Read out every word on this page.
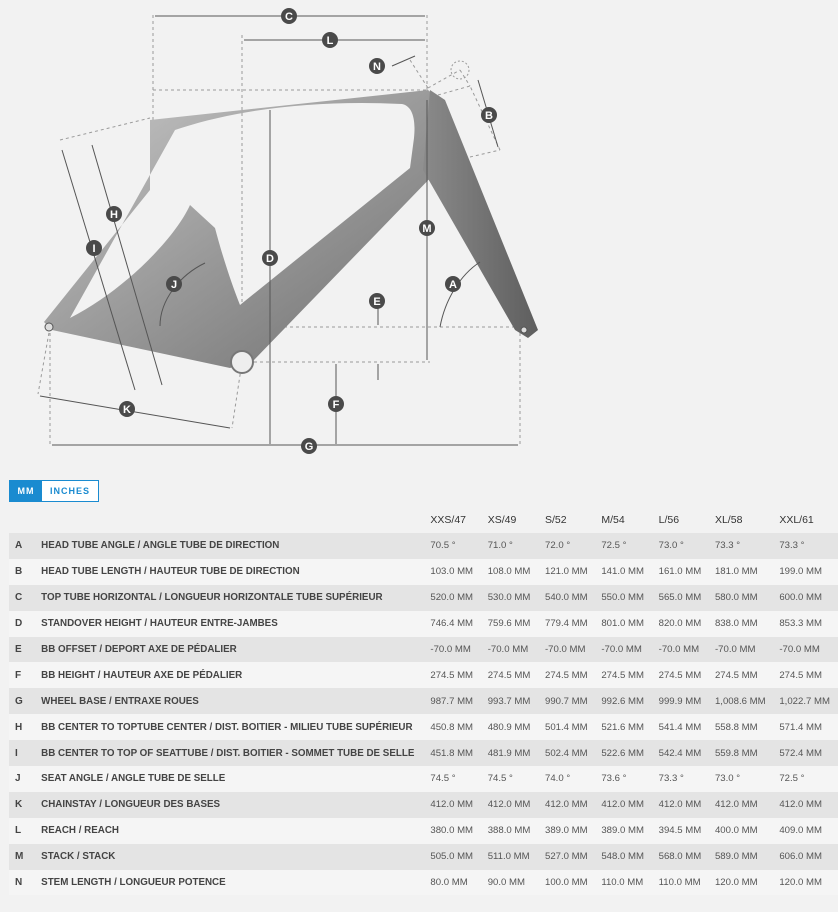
C
L
N
B
H
M
I
D
J	A
E
F
K
G
MM	INCHES
		XXS/47	XS/49	S/52	M/54	L/56	XL/58	XXL/61
A	HEAD TUBE ANGLE / ANGLE TUBE DE DIRECTION	70.5 °	71.0 °	72.0 °	72.5 °	73.0 °	73.3 °	73.3 °
B	HEAD TUBE LENGTH / HAUTEUR TUBE DE DIRECTION	103.0 MM	108.0 MM	121.0 MM	141.0 MM	161.0 MM	181.0 MM	199.0 MM
C	TOP TUBE HORIZONTAL / LONGUEUR HORIZONTALE TUBE SUPÉRIEUR	520.0 MM	530.0 MM	540.0 MM	550.0 MM	565.0 MM	580.0 MM	600.0 MM
D	STANDOVER HEIGHT / HAUTEUR ENTRE-JAMBES	746.4 MM	759.6 MM	779.4 MM	801.0 MM	820.0 MM	838.0 MM	853.3 MM
E	BB OFFSET / DEPORT AXE DE PÉDALIER	-70.0 MM	-70.0 MM	-70.0 MM	-70.0 MM	-70.0 MM	-70.0 MM	-70.0 MM
F	BB HEIGHT / HAUTEUR AXE DE PÉDALIER	274.5 MM	274.5 MM	274.5 MM	274.5 MM	274.5 MM	274.5 MM	274.5 MM
G	WHEEL BASE / ENTRAXE ROUES	987.7 MM	993.7 MM	990.7 MM	992.6 MM	999.9 MM	1,008.6 MM	1,022.7 MM
H	BB CENTER TO TOPTUBE CENTER / DIST. BOITIER - MILIEU TUBE SUPÉRIEUR	450.8 MM	480.9 MM	501.4 MM	521.6 MM	541.4 MM	558.8 MM	571.4 MM
I	BB CENTER TO TOP OF SEATTUBE / DIST. BOITIER - SOMMET TUBE DE SELLE	451.8 MM	481.9 MM	502.4 MM	522.6 MM	542.4 MM	559.8 MM	572.4 MM
J	SEAT ANGLE / ANGLE TUBE DE SELLE	74.5 °	74.5 °	74.0 °	73.6 °	73.3 °	73.0 °	72.5 °
K	CHAINSTAY / LONGUEUR DES BASES	412.0 MM	412.0 MM	412.0 MM	412.0 MM	412.0 MM	412.0 MM	412.0 MM
L	REACH / REACH	380.0 MM	388.0 MM	389.0 MM	389.0 MM	394.5 MM	400.0 MM	409.0 MM
M	STACK / STACK	505.0 MM	511.0 MM	527.0 MM	548.0 MM	568.0 MM	589.0 MM	606.0 MM
N	STEM LENGTH / LONGUEUR POTENCE	80.0 MM	90.0 MM	100.0 MM	110.0 MM	110.0 MM	120.0 MM	120.0 MM
